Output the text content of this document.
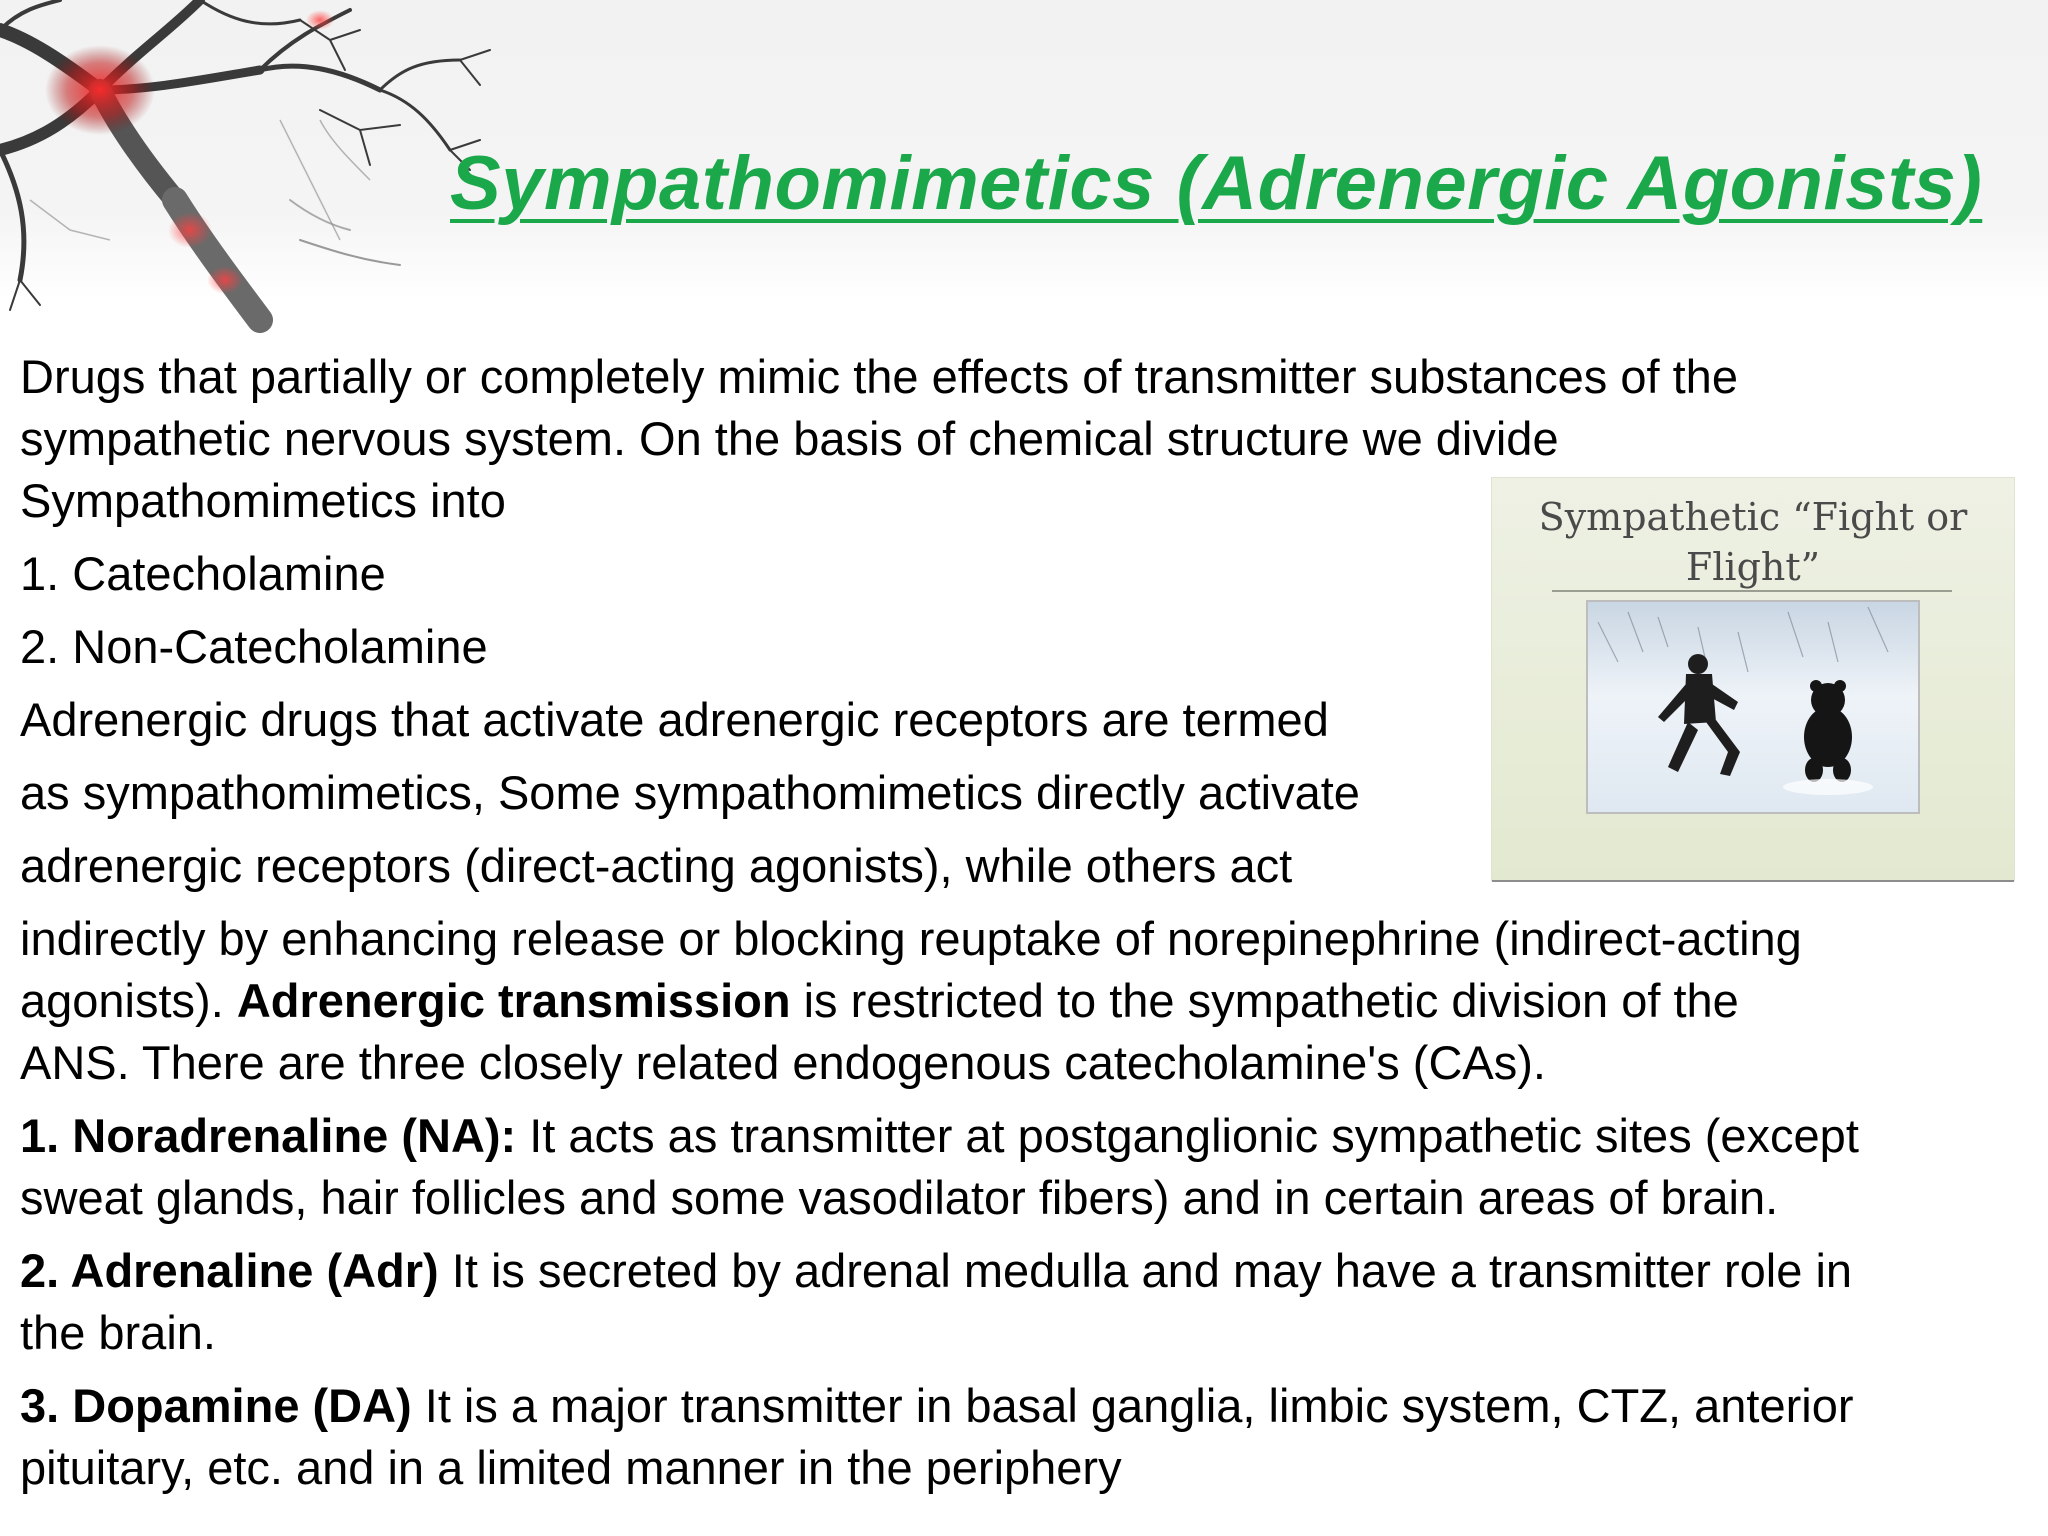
Sympathomimetics (Adrenergic Agonists)

Drugs that partially or completely mimic the effects of transmitter substances of the

sympathetic nervous system. On the basis of chemical structure we divide

Sympathomimetics into

1. Catecholamine

2. Non-Catecholamine

Adrenergic drugs that activate adrenergic receptors are termed

as sympathomimetics, Some sympathomimetics directly activate

adrenergic receptors (direct-acting agonists), while others act

indirectly by enhancing release or blocking reuptake of norepinephrine (indirect-acting

agonists). Adrenergic transmission is restricted to the sympathetic division of the

ANS. There are three closely related endogenous catecholamine's (CAs).

1. Noradrenaline (NA): It acts as transmitter at postganglionic sympathetic sites (except

sweat glands, hair follicles and some vasodilator fibers) and in certain areas of brain.

2. Adrenaline (Adr) It is secreted by adrenal medulla and may have a transmitter role in

the brain.

3. Dopamine (DA) It is a major transmitter in basal ganglia, limbic system, CTZ, anterior

pituitary, etc. and in a limited manner in the periphery

Sympathetic “Fight or
Flight”
